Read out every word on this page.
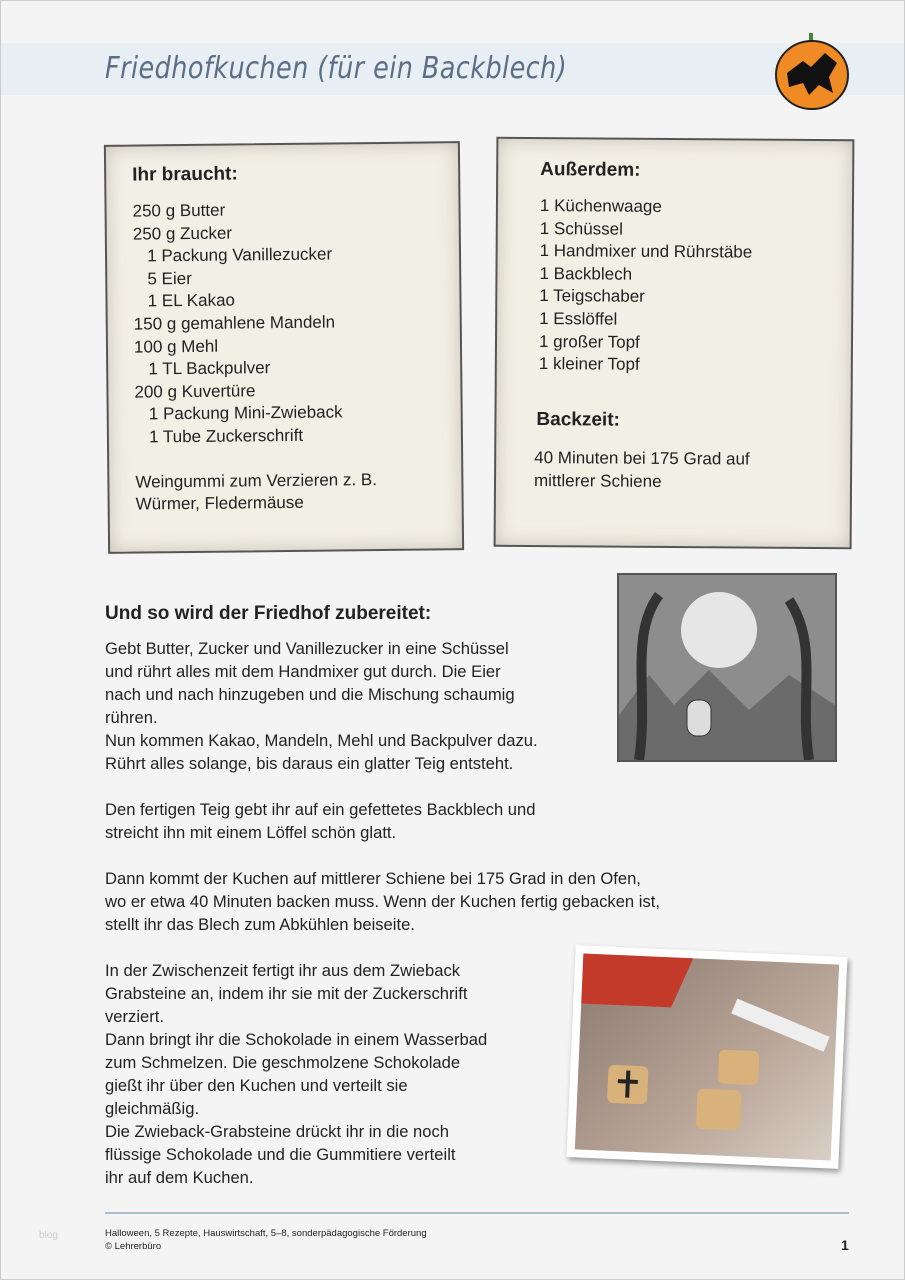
Friedhofkuchen (für ein Backblech)
Ihr braucht:
250 g Butter
250 g Zucker
1 Packung Vanillezucker
5 Eier
1 EL Kakao
150 g gemahlene Mandeln
100 g Mehl
1 TL Backpulver
200 g Kuvertüre
1 Packung Mini-Zwieback
1 Tube Zuckerschrift
Weingummi zum Verzieren z. B.
Würmer, Fledermäuse
Außerdem:
1 Küchenwaage
1 Schüssel
1 Handmixer und Rührstäbe
1 Backblech
1 Teigschaber
1 Esslöffel
1 großer Topf
1 kleiner Topf
Backzeit:
40 Minuten bei 175 Grad auf
mittlerer Schiene
Und so wird der Friedhof zubereitet:
Gebt Butter, Zucker und Vanillezucker in eine Schüssel
und rührt alles mit dem Handmixer gut durch. Die Eier
nach und nach hinzugeben und die Mischung schaumig
rühren.
Nun kommen Kakao, Mandeln, Mehl und Backpulver dazu.
Rührt alles solange, bis daraus ein glatter Teig entsteht.
Den fertigen Teig gebt ihr auf ein gefettetes Backblech und
streicht ihn mit einem Löffel schön glatt.
Dann kommt der Kuchen auf mittlerer Schiene bei 175 Grad in den Ofen,
wo er etwa 40 Minuten backen muss. Wenn der Kuchen fertig gebacken ist,
stellt ihr das Blech zum Abkühlen beiseite.
In der Zwischenzeit fertigt ihr aus dem Zwieback
Grabsteine an, indem ihr sie mit der Zuckerschrift
verziert.
Dann bringt ihr die Schokolade in einem Wasserbad
zum Schmelzen. Die geschmolzene Schokolade
gießt ihr über den Kuchen und verteilt sie
gleichmäßig.
Die Zwieback-Grabsteine drückt ihr in die noch
flüssige Schokolade und die Gummitiere verteilt
ihr auf dem Kuchen.
blog	Halloween, 5 Rezepte, Hauswirtschaft, 5–8, sonderpädagogische Förderung
© Lehrerbüro	1
